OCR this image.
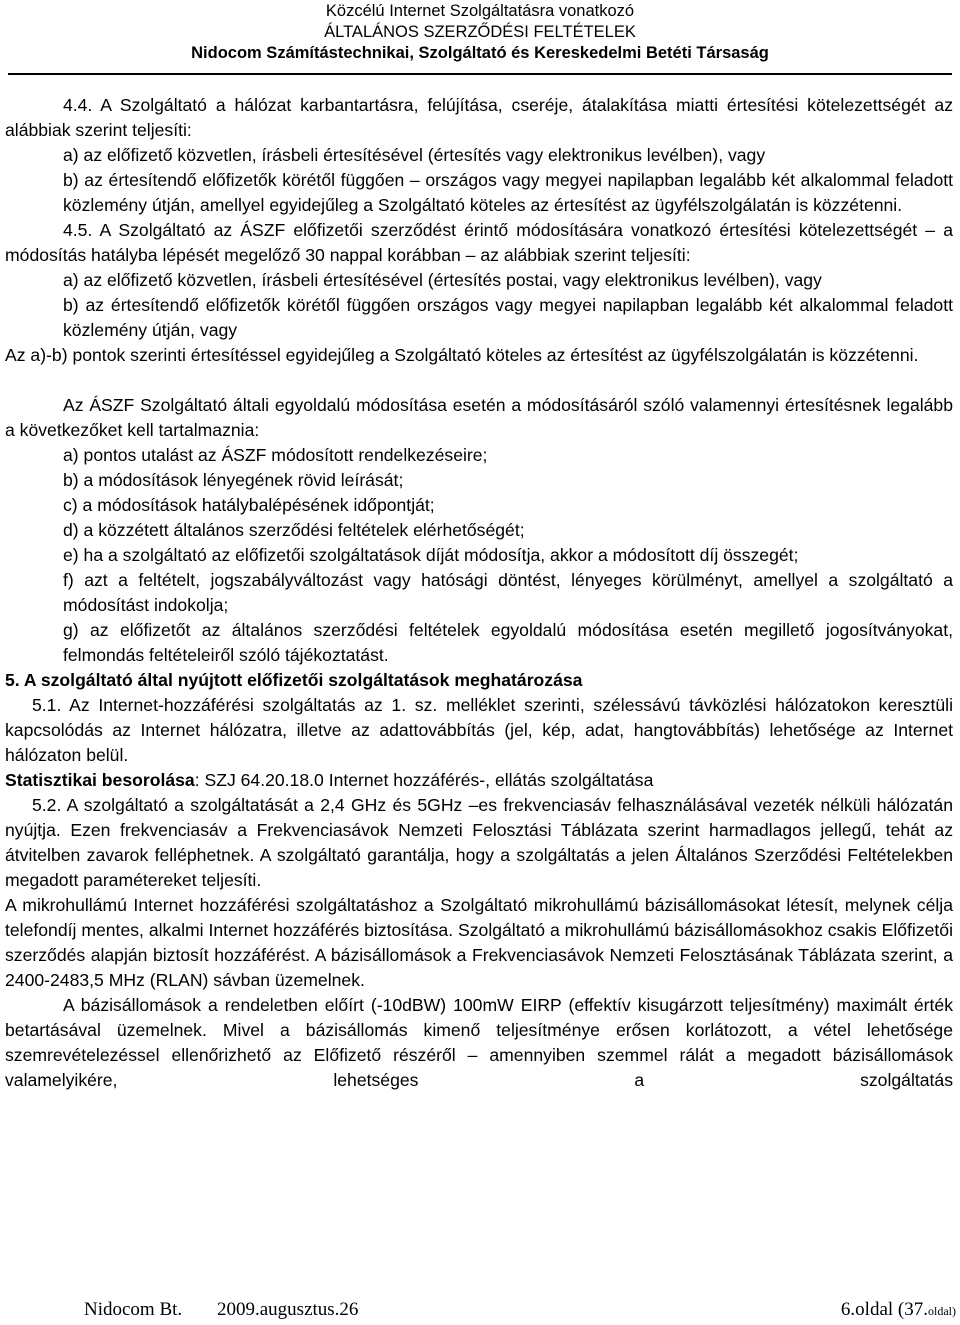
Közcélú Internet Szolgáltatásra vonatkozó
ÁLTALÁNOS SZERZŐDÉSI FELTÉTELEK
Nidocom Számítástechnikai, Szolgáltató és Kereskedelmi Betéti Társaság

4.4. A Szolgáltató a hálózat karbantartásra, felújítása, cseréje, átalakítása miatti értesítési kötelezettségét az alábbiak szerint teljesíti:

a) az előfizető közvetlen, írásbeli értesítésével (értesítés vagy elektronikus levélben), vagy

b) az értesítendő előfizetők körétől függően – országos vagy megyei napilapban legalább két alkalommal feladott közlemény útján, amellyel egyidejűleg a Szolgáltató köteles az értesítést az ügyfélszolgálatán is közzétenni.

4.5. A Szolgáltató az ÁSZF előfizetői szerződést érintő módosítására vonatkozó értesítési kötelezettségét – a módosítás hatályba lépését megelőző 30 nappal korábban – az alábbiak szerint teljesíti:

a) az előfizető közvetlen, írásbeli értesítésével (értesítés postai, vagy elektronikus levélben), vagy

b) az értesítendő előfizetők körétől függően országos vagy megyei napilapban legalább két alkalommal feladott közlemény útján, vagy

Az a)-b) pontok szerinti értesítéssel egyidejűleg a Szolgáltató köteles az értesítést az ügyfélszolgálatán is közzétenni.

Az ÁSZF Szolgáltató általi egyoldalú módosítása esetén a módosításáról szóló valamennyi értesítésnek legalább a következőket kell tartalmaznia:

a) pontos utalást az ÁSZF módosított rendelkezéseire;

b) a módosítások lényegének rövid leírását;

c) a módosítások hatálybalépésének időpontját;

d) a közzétett általános szerződési feltételek elérhetőségét;

e) ha a szolgáltató az előfizetői szolgáltatások díját módosítja, akkor a módosított díj összegét;

f) azt a feltételt, jogszabályváltozást vagy hatósági döntést, lényeges körülményt, amellyel a szolgáltató a módosítást indokolja;

g) az előfizetőt az általános szerződési feltételek egyoldalú módosítása esetén megillető jogosítványokat, felmondás feltételeiről szóló tájékoztatást.

5. A szolgáltató által nyújtott előfizetői szolgáltatások meghatározása

5.1. Az Internet-hozzáférési szolgáltatás az 1. sz. melléklet szerinti, szélessávú távközlési hálózatokon keresztüli kapcsolódás az Internet hálózatra, illetve az adattovábbítás (jel, kép, adat, hangtovábbítás) lehetősége az Internet hálózaton belül.

Statisztikai besorolása: SZJ 64.20.18.0 Internet hozzáférés-, ellátás szolgáltatása

5.2. A szolgáltató a szolgáltatását a 2,4 GHz és 5GHz –es frekvenciasáv felhasználásával vezeték nélküli hálózatán nyújtja. Ezen frekvenciasáv a Frekvenciasávok Nemzeti Felosztási Táblázata szerint harmadlagos jellegű, tehát az átvitelben zavarok felléphetnek. A szolgáltató garantálja, hogy a szolgáltatás a jelen Általános Szerződési Feltételekben megadott paramétereket teljesíti.

A mikrohullámú Internet hozzáférési szolgáltatáshoz a Szolgáltató mikrohullámú bázisállomásokat létesít, melynek célja telefondíj mentes, alkalmi Internet hozzáférés biztosítása. Szolgáltató a mikrohullámú bázisállomásokhoz csakis Előfizetői szerződés alapján biztosít hozzáférést. A bázisállomások a Frekvenciasávok Nemzeti Felosztásának Táblázata szerint, a 2400-2483,5 MHz (RLAN) sávban üzemelnek.

A bázisállomások a rendeletben előírt (-10dBW) 100mW EIRP (effektív kisugárzott teljesítmény) maximált érték betartásával üzemelnek. Mivel a bázisállomás kimenő teljesítménye erősen korlátozott, a vétel lehetősége szemrevételezéssel ellenőrizhető az Előfizető részéről – amennyiben szemmel rálát a megadott bázisállomások valamelyikére, lehetséges a szolgáltatás

Nidocom Bt. 2009.augusztus.26	6.oldal (37.oldal)
